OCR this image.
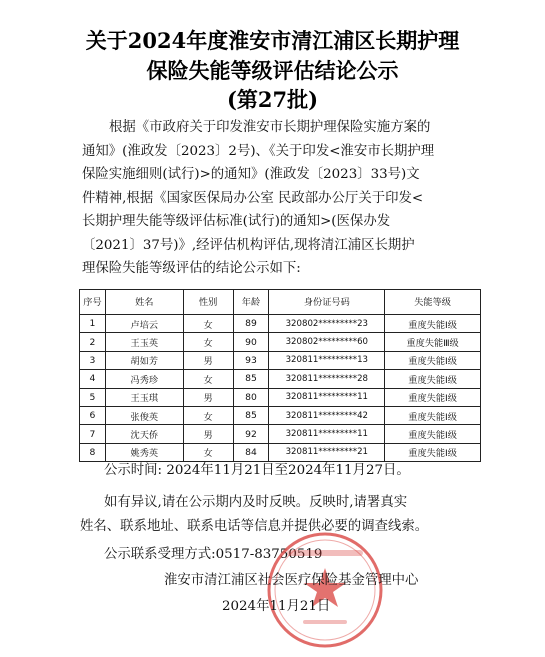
关于2024年度淮安市清江浦区长期护理
保险失能等级评估结论公示
(第27批)

根据《市政府关于印发淮安市长期护理保险实施方案的

通知》(淮政发〔2023〕2号)、《关于印发<淮安市长期护理

保险实施细则(试行)>的通知》(淮政发〔2023〕33号)文

件精神,根据《国家医保局办公室 民政部办公厅关于印发<

长期护理失能等级评估标准(试行)的通知>(医保办发

〔2021〕37号)》,经评估机构评估,现将清江浦区长期护

理保险失能等级评估的结论公示如下:

序号	姓名	性别	年龄	身份证号码	失能等级
1	卢培云	女	89	320802*********23	重度失能Ⅰ级
2	王玉英	女	90	320802*********60	重度失能Ⅲ级
3	胡如芳	男	93	320811*********13	重度失能Ⅰ级
4	冯秀珍	女	85	320811*********28	重度失能Ⅰ级
5	王玉琪	男	80	320811*********11	重度失能Ⅰ级
6	张俊英	女	85	320811*********42	重度失能Ⅰ级
7	沈天侨	男	92	320811*********11	重度失能Ⅰ级
8	姚秀英	女	84	320811*********21	重度失能Ⅰ级
公示时间: 2024年11月21日至2024年11月27日。
如有异议,请在公示期内及时反映。反映时,请署真实
姓名、联系地址、联系电话等信息并提供必要的调查线索。
公示联系受理方式:0517-83750519
淮安市清江浦区社会医疗保险基金管理中心
2024年11月21日
